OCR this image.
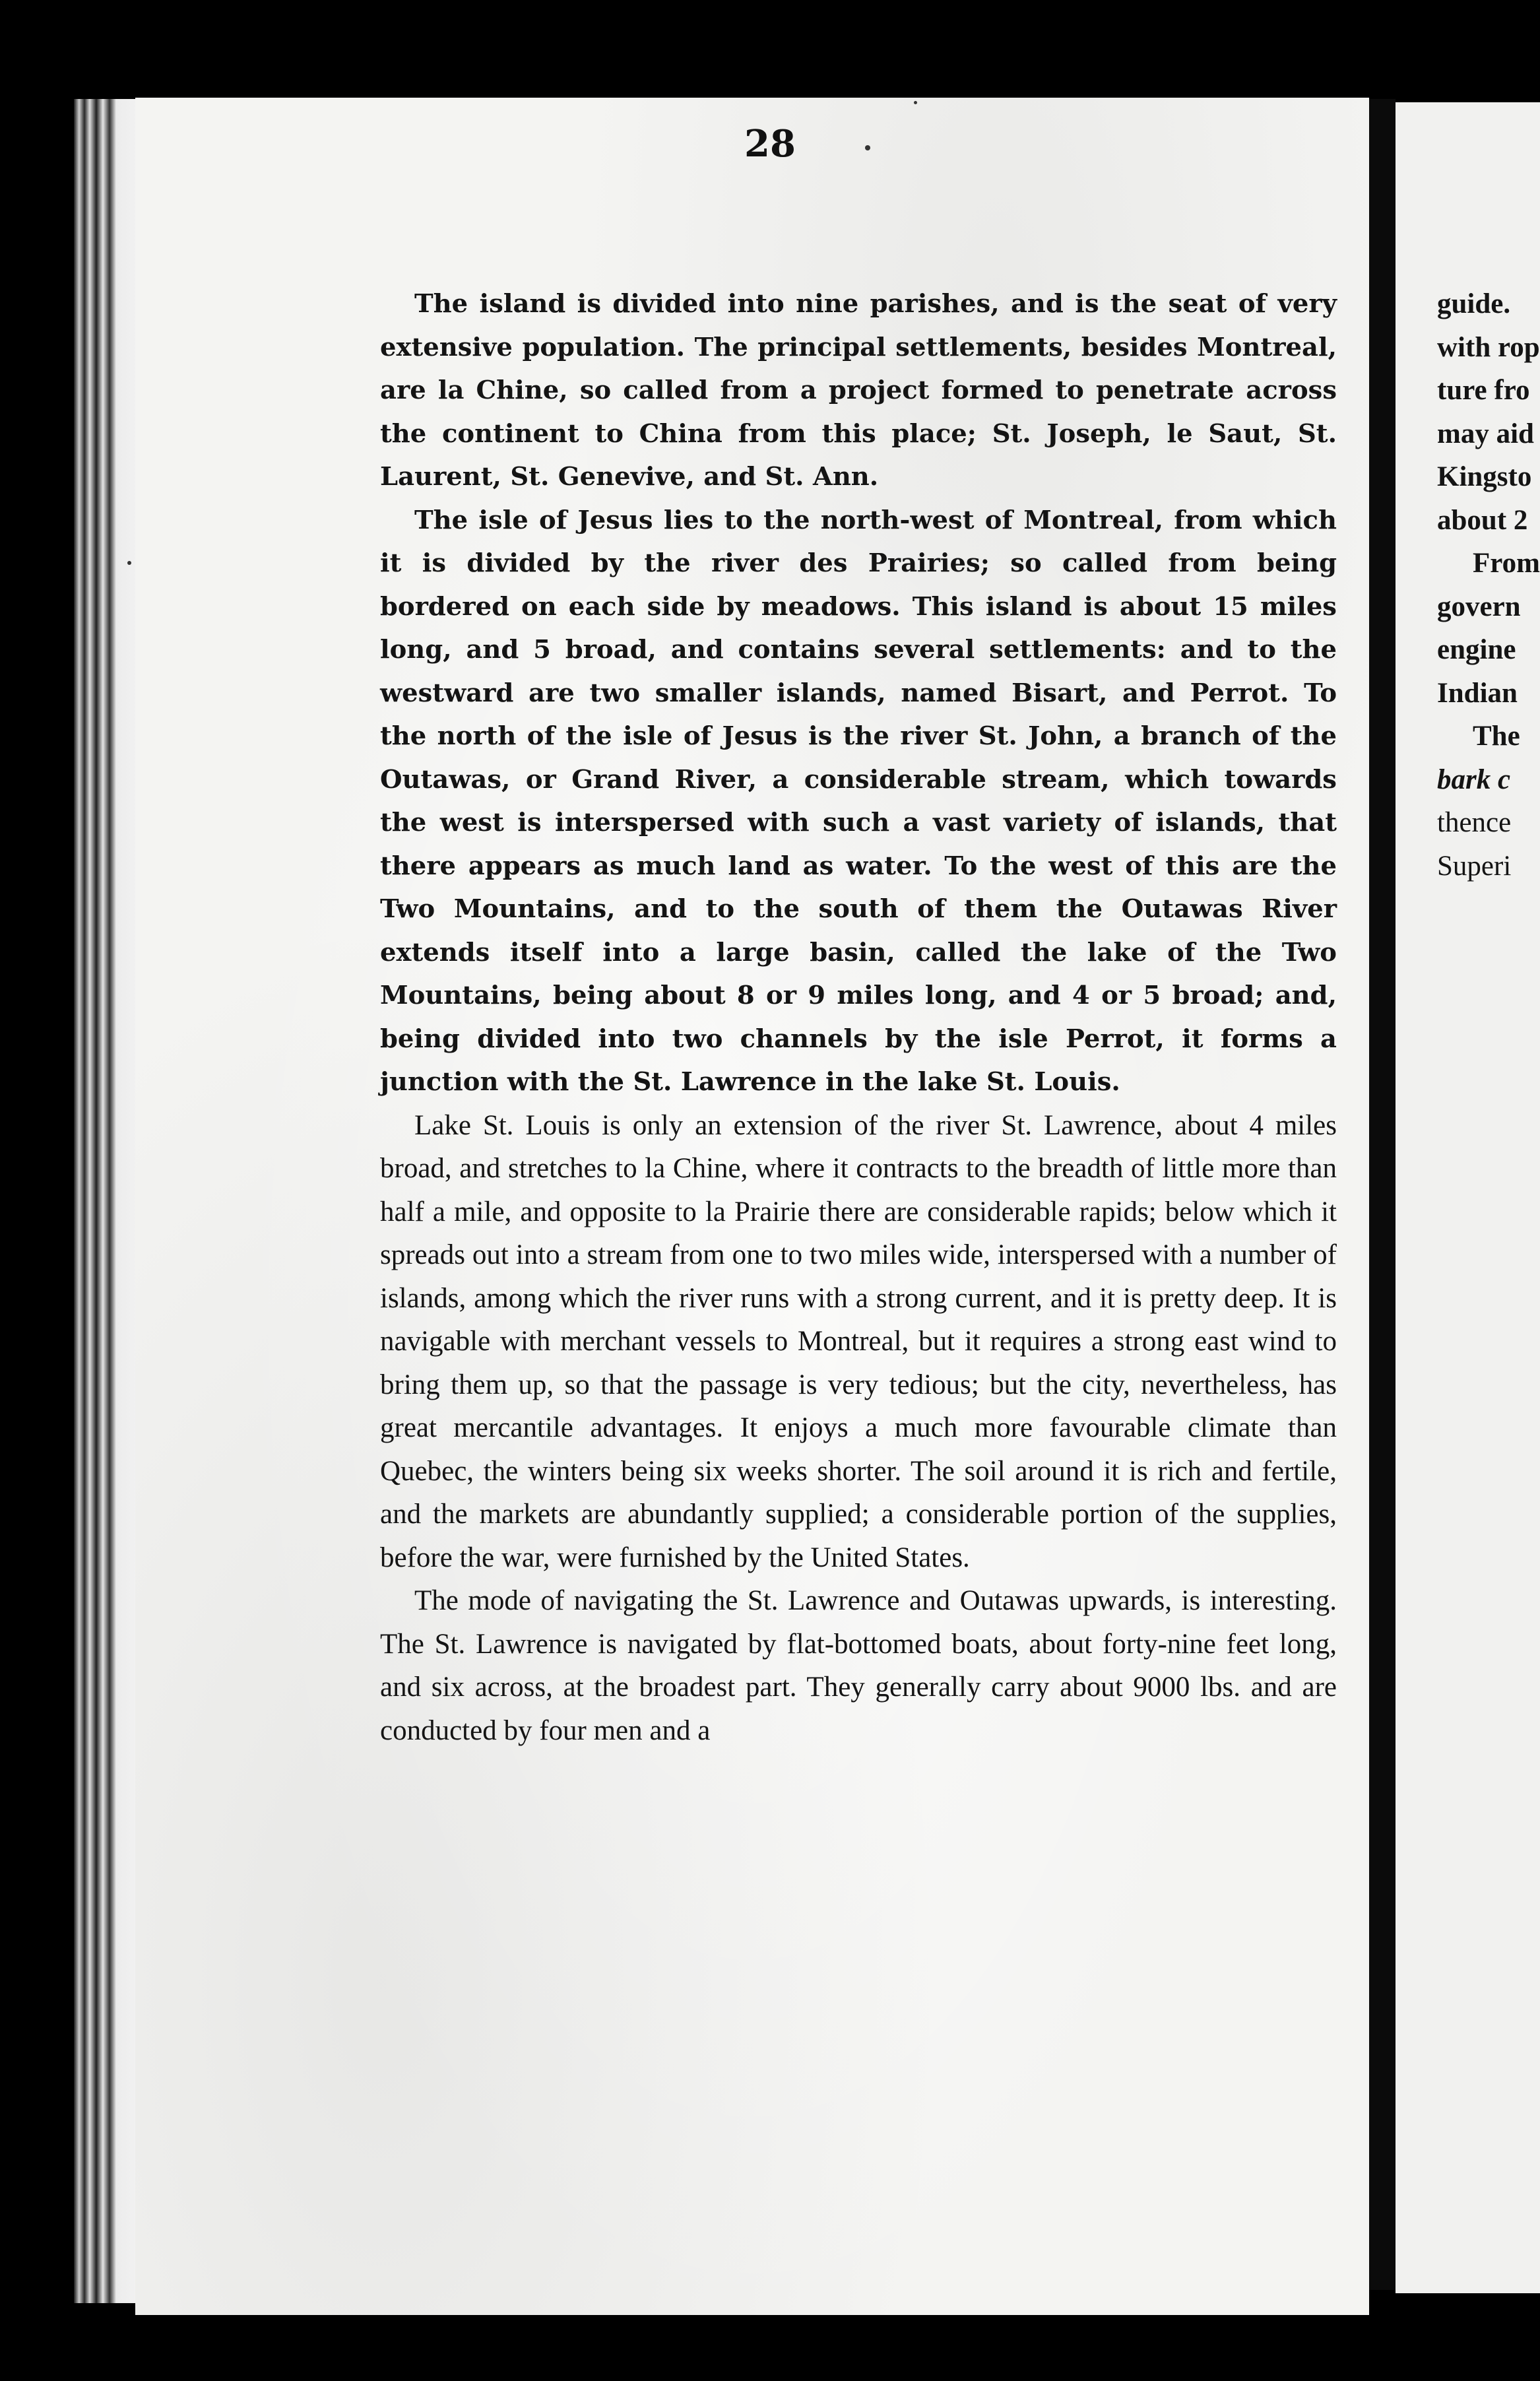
28

The island is divided into nine parishes, and is the seat of very extensive population. The principal settlements, besides Montreal, are la Chine, so called from a project formed to penetrate across the continent to China from this place; St. Joseph, le Saut, St. Laurent, St. Genevive, and St. Ann.

The isle of Jesus lies to the north-west of Montreal, from which it is divided by the river des Prairies; so called from being bordered on each side by meadows. This island is about 15 miles long, and 5 broad, and contains several settlements: and to the westward are two smaller islands, named Bisart, and Perrot. To the north of the isle of Jesus is the river St. John, a branch of the Outawas, or Grand River, a considerable stream, which towards the west is interspersed with such a vast variety of islands, that there appears as much land as water. To the west of this are the Two Mountains, and to the south of them the Outawas River extends itself into a large basin, called the lake of the Two Mountains, being about 8 or 9 miles long, and 4 or 5 broad; and, being divided into two channels by the isle Perrot, it forms a junction with the St. Lawrence in the lake St. Louis.

Lake St. Louis is only an extension of the river St. Lawrence, about 4 miles broad, and stretches to la Chine, where it contracts to the breadth of little more than half a mile, and opposite to la Prairie there are considerable rapids; below which it spreads out into a stream from one to two miles wide, interspersed with a number of islands, among which the river runs with a strong current, and it is pretty deep. It is navigable with merchant vessels to Montreal, but it requires a strong east wind to bring them up, so that the passage is very tedious; but the city, nevertheless, has great mercantile advantages. It enjoys a much more favourable climate than Quebec, the winters being six weeks shorter. The soil around it is rich and fertile, and the markets are abundantly supplied; a considerable portion of the supplies, before the war, were furnished by the United States.

The mode of navigating the St. Lawrence and Outawas upwards, is interesting. The St. Lawrence is navigated by flat-bottomed boats, about forty-nine feet long, and six across, at the broadest part. They generally carry about 9000 lbs. and are conducted by four men and a

guide.
with rop
ture fro
may aid
Kingsto
about 2
From
govern
engine
Indian
The
bark c
thence
Superi
